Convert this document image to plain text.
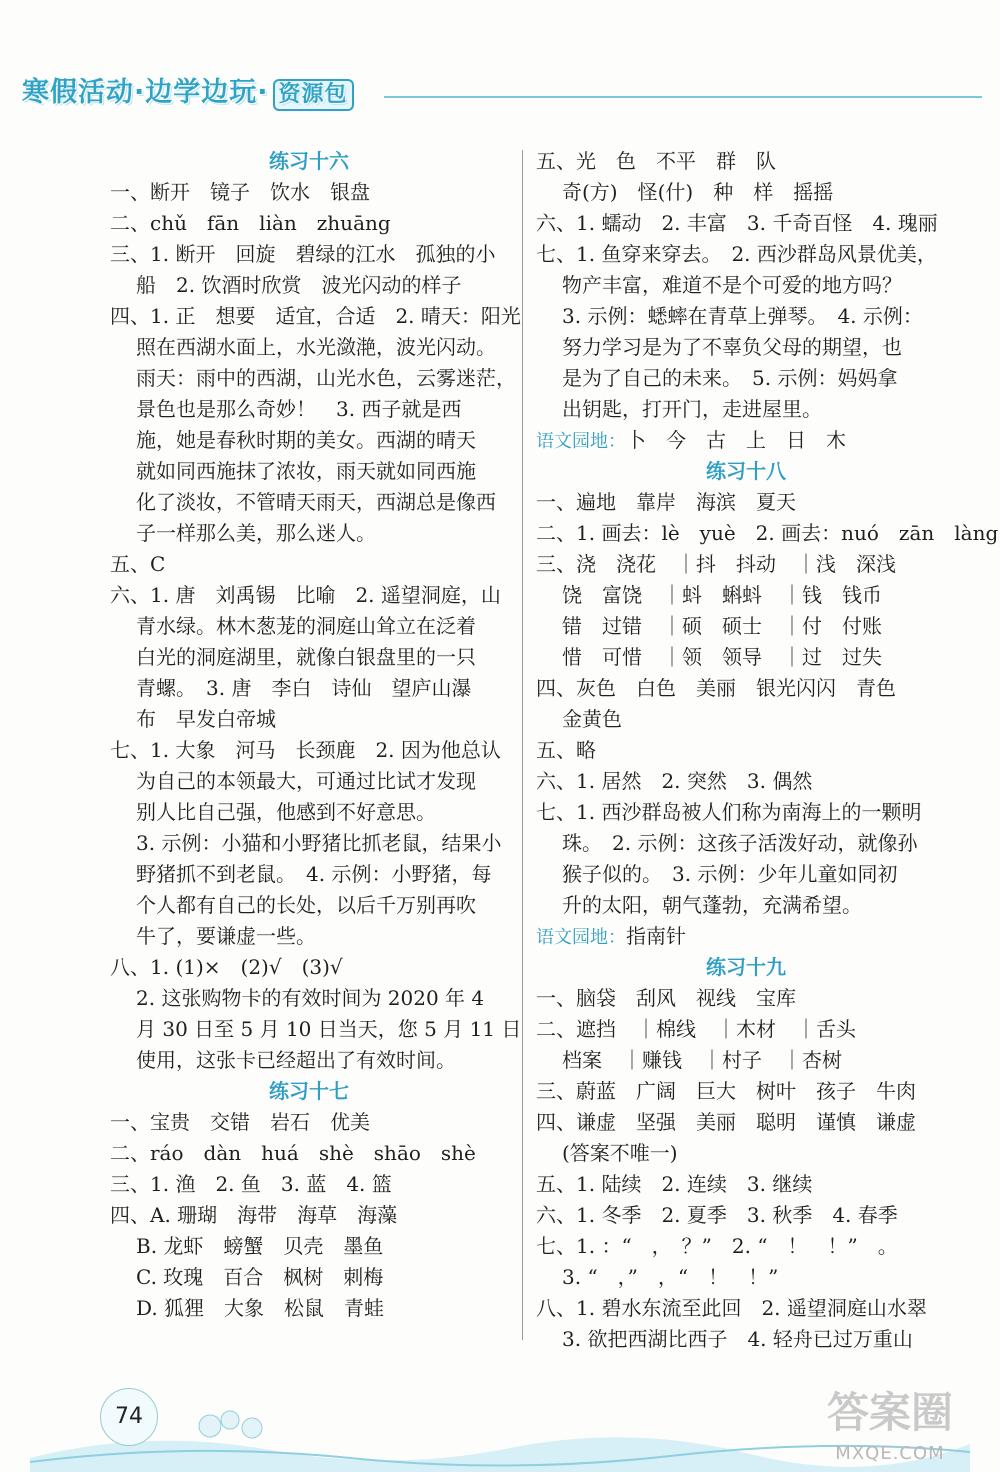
寒假活动·边学边玩· 资源包
练习十六
一、断开　镜子　饮水　银盘
二、chǔ　fān　liàn　zhuāng
三、1. 断开　回旋　碧绿的江水　孤独的小
船　2. 饮酒时欣赏　波光闪动的样子
四、1. 正　想要　适宜，合适　2. 晴天：阳光
照在西湖水面上，水光潋滟，波光闪动。
雨天：雨中的西湖，山光水色，云雾迷茫，
景色也是那么奇妙！　3. 西子就是西
施，她是春秋时期的美女。西湖的晴天
就如同西施抹了浓妆，雨天就如同西施
化了淡妆，不管晴天雨天，西湖总是像西
子一样那么美，那么迷人。
五、C
六、1. 唐　刘禹锡　比喻　2. 遥望洞庭，山
青水绿。林木葱茏的洞庭山耸立在泛着
白光的洞庭湖里，就像白银盘里的一只
青螺。　3. 唐　李白　诗仙　望庐山瀑
布　早发白帝城
七、1. 大象　河马　长颈鹿　2. 因为他总认
为自己的本领最大，可通过比试才发现
别人比自己强，他感到不好意思。
3. 示例：小猫和小野猪比抓老鼠，结果小
野猪抓不到老鼠。　4. 示例：小野猪，每
个人都有自己的长处，以后千万别再吹
牛了，要谦虚一些。
八、1. (1)×　(2)√　(3)√
2. 这张购物卡的有效时间为 2020 年 4
月 30 日至 5 月 10 日当天，您 5 月 11 日
使用，这张卡已经超出了有效时间。
练习十七
一、宝贵　交错　岩石　优美
二、ráo　dàn　huá　shè　shāo　shè
三、1. 渔　2. 鱼　3. 蓝　4. 篮
四、A. 珊瑚　海带　海草　海藻
B. 龙虾　螃蟹　贝壳　墨鱼
C. 玫瑰　百合　枫树　刺梅
D. 狐狸　大象　松鼠　青蛙
五、光　色　不平　群　队
奇(方)　怪(什)　种　样　摇摇
六、1. 蠕动　2. 丰富　3. 千奇百怪　4. 瑰丽
七、1. 鱼穿来穿去。　2. 西沙群岛风景优美，
物产丰富，难道不是个可爱的地方吗？
3. 示例：蟋蟀在青草上弹琴。　4. 示例：
努力学习是为了不辜负父母的期望，也
是为了自己的未来。　5. 示例：妈妈拿
出钥匙，打开门，走进屋里。
语文园地：卜　今　古　上　日　木
练习十八
一、遍地　靠岸　海滨　夏天
二、1. 画去：lè　yuè　2. 画去：nuó　zān　làng
三、浇　浇花　｜抖　抖动　｜浅　深浅
饶　富饶　｜蚪　蝌蚪　｜钱　钱币
错　过错　｜硕　硕士　｜付　付账
惜　可惜　｜领　领导　｜过　过失
四、灰色　白色　美丽　银光闪闪　青色
金黄色
五、略
六、1. 居然　2. 突然　3. 偶然
七、1. 西沙群岛被人们称为南海上的一颗明
珠。　2. 示例：这孩子活泼好动，就像孙
猴子似的。　3. 示例：少年儿童如同初
升的太阳，朝气蓬勃，充满希望。
语文园地：指南针
练习十九
一、脑袋　刮风　视线　宝库
二、遮挡　｜棉线　｜木材　｜舌头
档案　｜赚钱　｜村子　｜杏树
三、蔚蓝　广阔　巨大　树叶　孩子　牛肉
四、谦虚　坚强　美丽　聪明　谨慎　谦虚
(答案不唯一)
五、1. 陆续　2. 连续　3. 继续
六、1. 冬季　2. 夏季　3. 秋季　4. 春季
七、1. ：“　，　？”　2. “　！　！”　。
3. “　，”　，“　！　！”
八、1. 碧水东流至此回　2. 遥望洞庭山水翠
3. 欲把西湖比西子　4. 轻舟已过万重山
74	答案圈
MXQE.COM
